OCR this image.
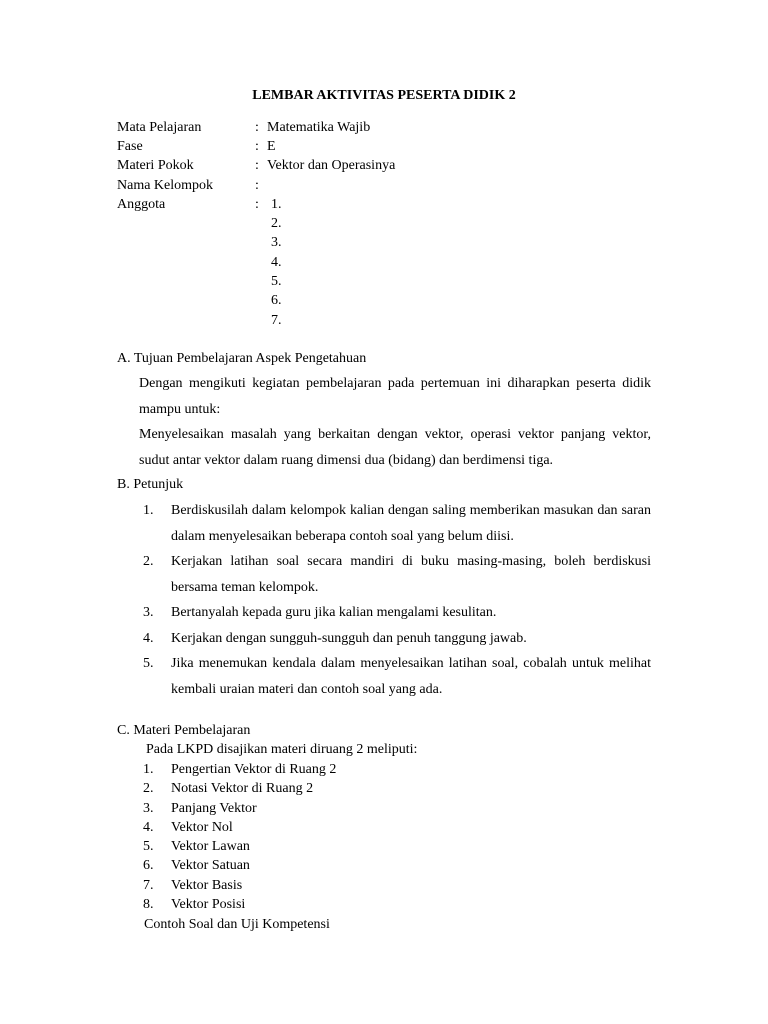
LEMBAR AKTIVITAS PESERTA DIDIK 2
Mata Pelajaran	: Matematika Wajib
Fase	: E
Materi Pokok	: Vektor dan Operasinya
Nama Kelompok	:
Anggota	: 1.
2.
3.
4.
5.
6.
7.
A. Tujuan Pembelajaran Aspek Pengetahuan
Dengan mengikuti kegiatan pembelajaran pada pertemuan ini diharapkan peserta didik mampu untuk:
Menyelesaikan masalah yang berkaitan dengan vektor, operasi vektor panjang vektor, sudut antar vektor dalam ruang dimensi dua (bidang) dan berdimensi tiga.
B. Petunjuk
1. Berdiskusilah dalam kelompok kalian dengan saling memberikan masukan dan saran dalam menyelesaikan beberapa contoh soal yang belum diisi.
2. Kerjakan latihan soal secara mandiri di buku masing-masing, boleh berdiskusi bersama teman kelompok.
3. Bertanyalah kepada guru jika kalian mengalami kesulitan.
4. Kerjakan dengan sungguh-sungguh dan penuh tanggung jawab.
5. Jika menemukan kendala dalam menyelesaikan latihan soal, cobalah untuk melihat kembali uraian materi dan contoh soal yang ada.
C. Materi Pembelajaran
Pada LKPD disajikan materi diruang 2 meliputi:
1. Pengertian Vektor di Ruang 2
2. Notasi Vektor di Ruang 2
3. Panjang Vektor
4. Vektor Nol
5. Vektor Lawan
6. Vektor Satuan
7. Vektor Basis
8. Vektor Posisi
Contoh Soal dan Uji Kompetensi
